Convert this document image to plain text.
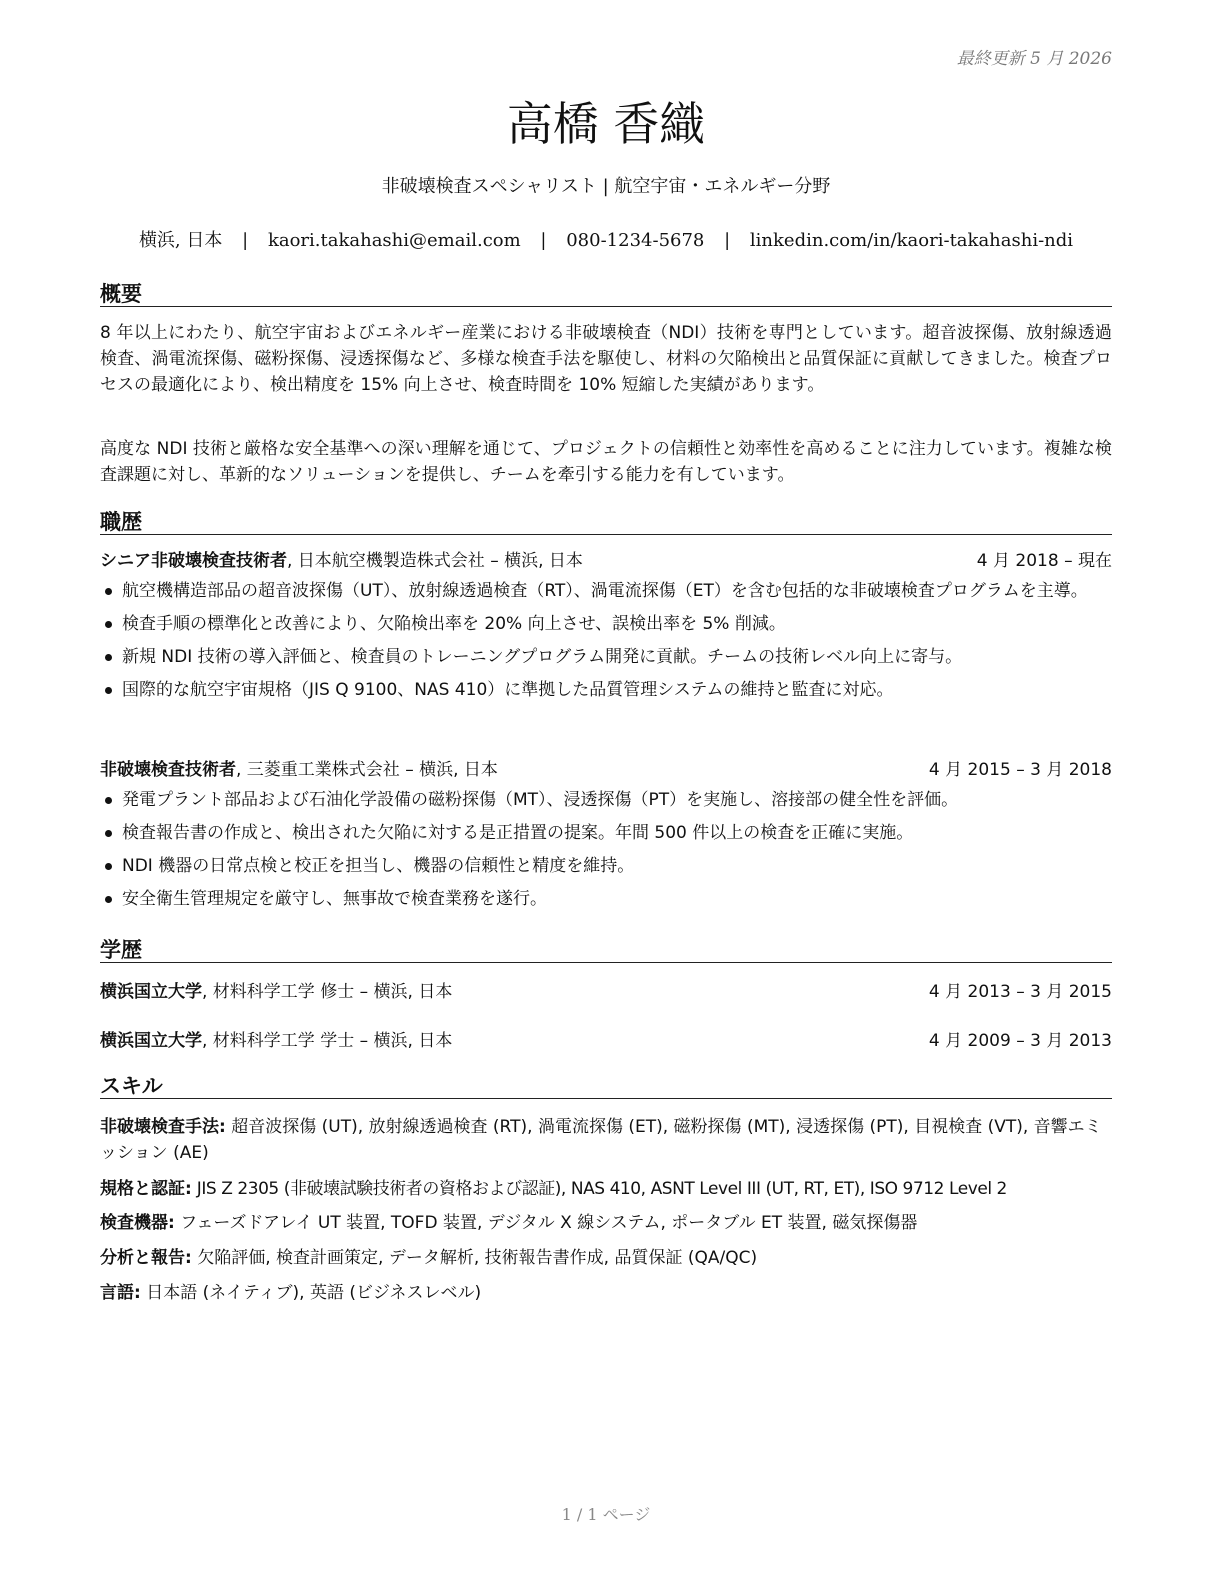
最終更新 5 月 2026
高橋 香織
非破壊検査スペシャリスト | 航空宇宙・エネルギー分野
横浜, 日本 | kaori.takahashi@email.com | 080-1234-5678 | linkedin.com/in/kaori-takahashi-ndi
概要
8 年以上にわたり、航空宇宙およびエネルギー産業における非破壊検査（NDI）技術を専門としています。超音波探傷、放射線透過検査、渦電流探傷、磁粉探傷、浸透探傷など、多様な検査手法を駆使し、材料の欠陥検出と品質保証に貢献してきました。検査プロセスの最適化により、検出精度を 15% 向上させ、検査時間を 10% 短縮した実績があります。
高度な NDI 技術と厳格な安全基準への深い理解を通じて、プロジェクトの信頼性と効率性を高めることに注力しています。複雑な検査課題に対し、革新的なソリューションを提供し、チームを牽引する能力を有しています。
職歴
シニア非破壊検査技術者, 日本航空機製造株式会社 – 横浜, 日本	4 月 2018 – 現在
航空機構造部品の超音波探傷（UT）、放射線透過検査（RT）、渦電流探傷（ET）を含む包括的な非破壊検査プログラムを主導。
検査手順の標準化と改善により、欠陥検出率を 20% 向上させ、誤検出率を 5% 削減。
新規 NDI 技術の導入評価と、検査員のトレーニングプログラム開発に貢献。チームの技術レベル向上に寄与。
国際的な航空宇宙規格（JIS Q 9100、NAS 410）に準拠した品質管理システムの維持と監査に対応。
非破壊検査技術者, 三菱重工業株式会社 – 横浜, 日本	4 月 2015 – 3 月 2018
発電プラント部品および石油化学設備の磁粉探傷（MT）、浸透探傷（PT）を実施し、溶接部の健全性を評価。
検査報告書の作成と、検出された欠陥に対する是正措置の提案。年間 500 件以上の検査を正確に実施。
NDI 機器の日常点検と校正を担当し、機器の信頼性と精度を維持。
安全衛生管理規定を厳守し、無事故で検査業務を遂行。
学歴
横浜国立大学, 材料科学工学 修士 – 横浜, 日本	4 月 2013 – 3 月 2015
横浜国立大学, 材料科学工学 学士 – 横浜, 日本	4 月 2009 – 3 月 2013
スキル
非破壊検査手法: 超音波探傷 (UT), 放射線透過検査 (RT), 渦電流探傷 (ET), 磁粉探傷 (MT), 浸透探傷 (PT), 目視検査 (VT), 音響エミッション (AE)
規格と認証: JIS Z 2305 (非破壊試験技術者の資格および認証), NAS 410, ASNT Level III (UT, RT, ET), ISO 9712 Level 2
検査機器: フェーズドアレイ UT 装置, TOFD 装置, デジタル X 線システム, ポータブル ET 装置, 磁気探傷器
分析と報告: 欠陥評価, 検査計画策定, データ解析, 技術報告書作成, 品質保証 (QA/QC)
言語: 日本語 (ネイティブ), 英語 (ビジネスレベル)
1 / 1 ページ
